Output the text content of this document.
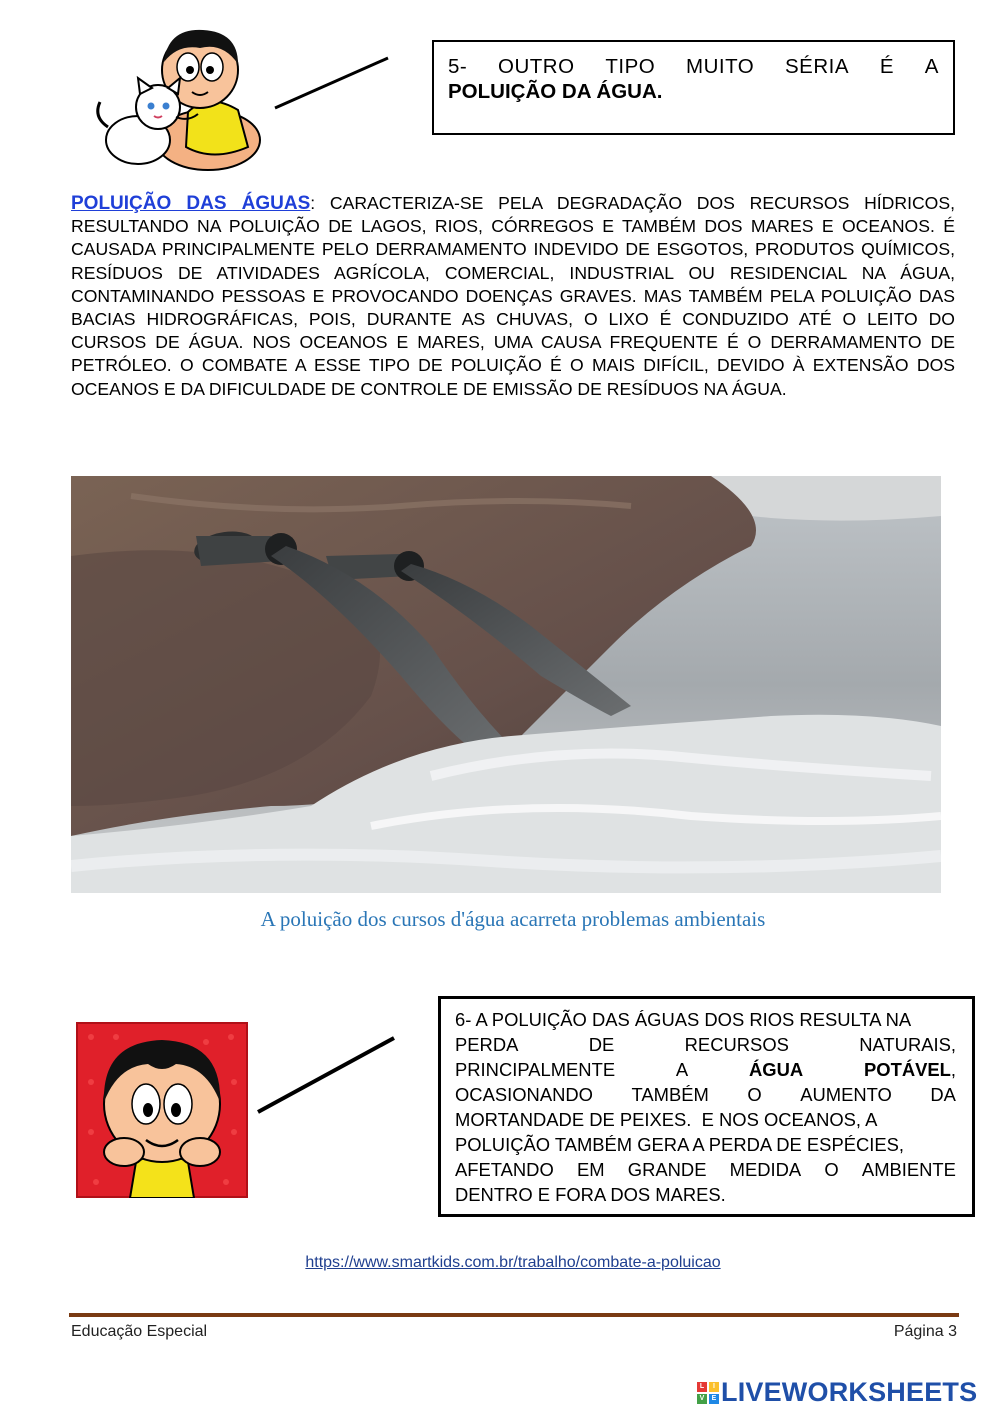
5- OUTRO TIPO MUITO SÉRIA É A
POLUIÇÃO DA ÁGUA.
POLUIÇÃO DAS ÁGUAS: CARACTERIZA-SE PELA DEGRADAÇÃO DOS RECURSOS HÍDRICOS, RESULTANDO NA POLUIÇÃO DE LAGOS, RIOS, CÓRREGOS E TAMBÉM DOS MARES E OCEANOS. É CAUSADA PRINCIPALMENTE PELO DERRAMAMENTO INDEVIDO DE ESGOTOS, PRODUTOS QUÍMICOS, RESÍDUOS DE ATIVIDADES AGRÍCOLA, COMERCIAL, INDUSTRIAL OU RESIDENCIAL NA ÁGUA, CONTAMINANDO PESSOAS E PROVOCANDO DOENÇAS GRAVES. MAS TAMBÉM PELA POLUIÇÃO DAS BACIAS HIDROGRÁFICAS, POIS, DURANTE AS CHUVAS, O LIXO É CONDUZIDO ATÉ O LEITO DO CURSOS DE ÁGUA. NOS OCEANOS E MARES, UMA CAUSA FREQUENTE É O DERRAMAMENTO DE PETRÓLEO. O COMBATE A ESSE TIPO DE POLUIÇÃO É O MAIS DIFÍCIL, DEVIDO À EXTENSÃO DOS OCEANOS E DA DIFICULDADE DE CONTROLE DE EMISSÃO DE RESÍDUOS NA ÁGUA.
A poluição dos cursos d'água acarreta problemas ambientais
6- A POLUIÇÃO DAS ÁGUAS DOS RIOS RESULTA NA
PERDA	DE	RECURSOS	NATURAIS,
PRINCIPALMENTE	A	ÁGUA	POTÁVEL,
OCASIONANDO TAMBÉM O AUMENTO DA
MORTANDADE DE PEIXES.  E NOS OCEANOS, A
POLUIÇÃO TAMBÉM GERA A PERDA DE ESPÉCIES,
AFETANDO EM GRANDE MEDIDA O AMBIENTE
DENTRO E FORA DOS MARES.
https://www.smartkids.com.br/trabalho/combate-a-poluicao
Educação Especial	Página 3
L	I
V	E LIVEWORKSHEETS
